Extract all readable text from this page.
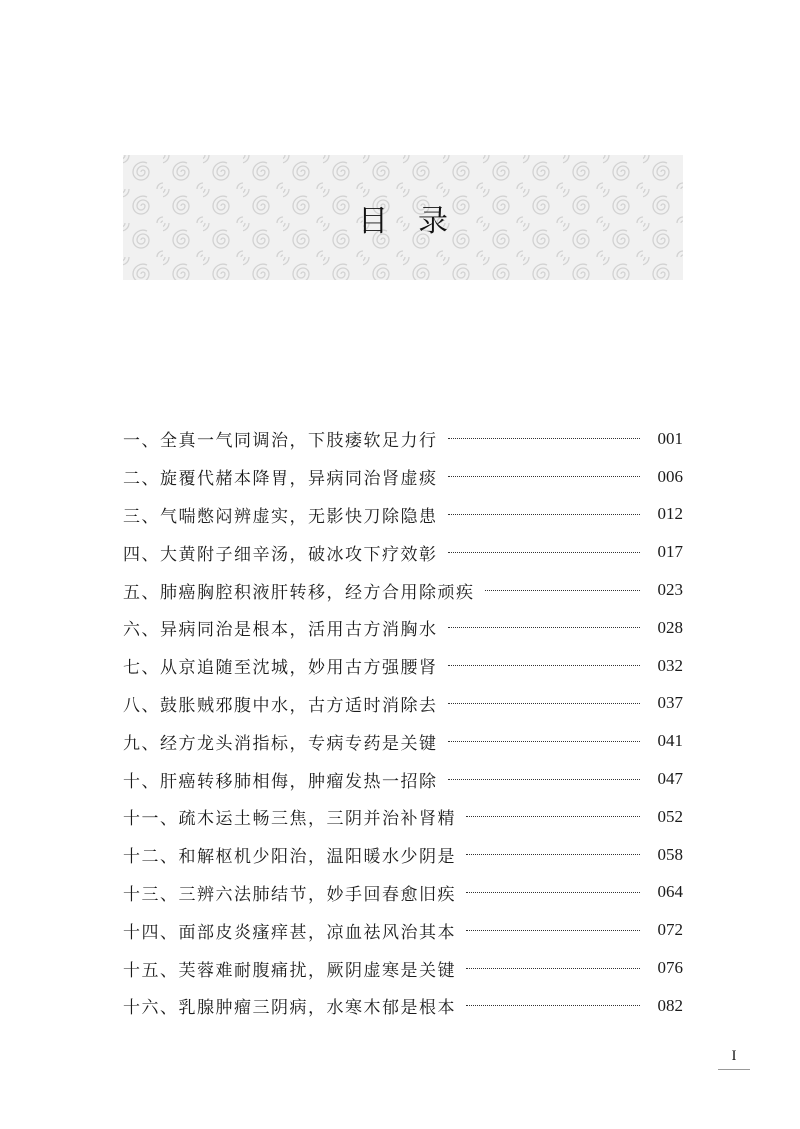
目录
一、全真一气同调治，下肢痿软足力行	001
二、旋覆代赭本降胃，异病同治肾虚痰	006
三、气喘憋闷辨虚实，无影快刀除隐患	012
四、大黄附子细辛汤，破冰攻下疗效彰	017
五、肺癌胸腔积液肝转移，经方合用除顽疾	023
六、异病同治是根本，活用古方消胸水	028
七、从京追随至沈城，妙用古方强腰肾	032
八、鼓胀贼邪腹中水，古方适时消除去	037
九、经方龙头消指标，专病专药是关键	041
十、肝癌转移肺相侮，肿瘤发热一招除	047
十一、疏木运土畅三焦，三阴并治补肾精	052
十二、和解枢机少阳治，温阳暖水少阴是	058
十三、三辨六法肺结节，妙手回春愈旧疾	064
十四、面部皮炎瘙痒甚，凉血祛风治其本	072
十五、芙蓉难耐腹痛扰，厥阴虚寒是关键	076
十六、乳腺肿瘤三阴病，水寒木郁是根本	082
I
